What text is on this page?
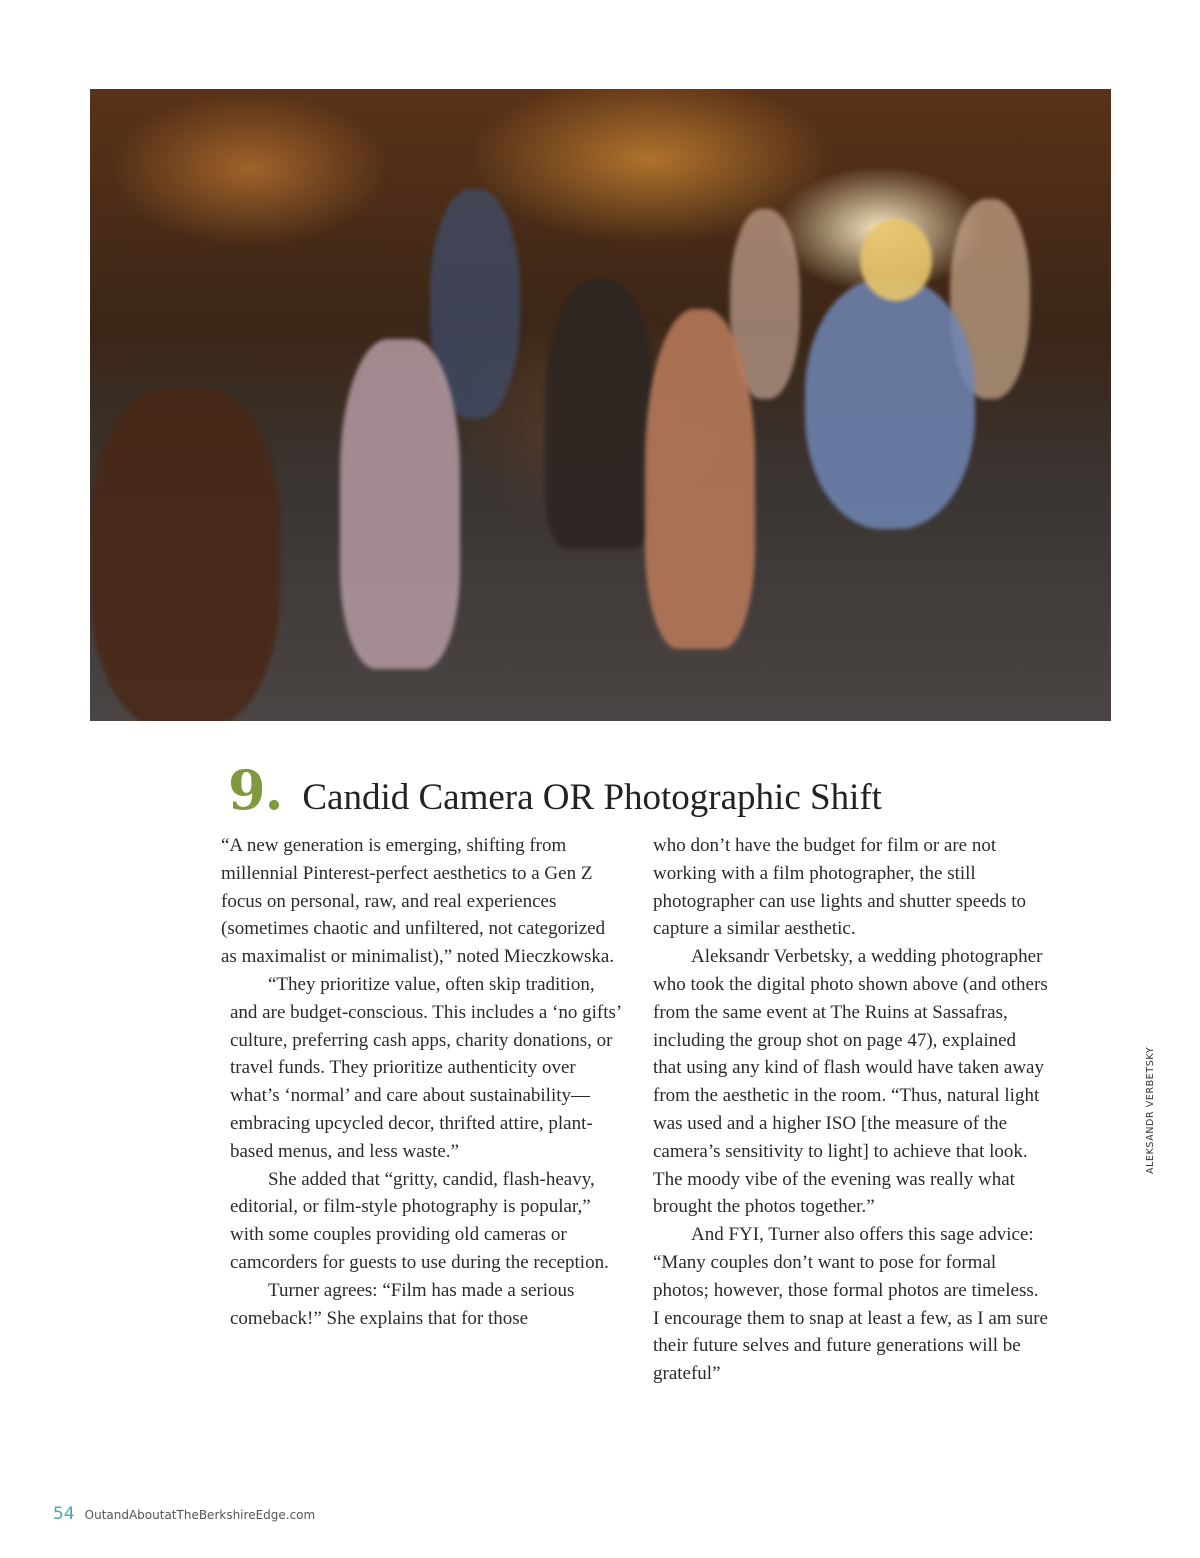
9. Candid Camera OR Photographic Shift

“A new generation is emerging, shifting from millennial Pinterest-perfect aesthetics to a Gen Z focus on personal, raw, and real experiences (sometimes chaotic and unfiltered, not categorized as maximalist or minimalist),” noted Mieczkowska.

“They prioritize value, often skip tradition, and are budget-conscious. This includes a ‘no gifts’ culture, preferring cash apps, charity donations, or travel funds. They prioritize authenticity over what’s ‘normal’ and care about sustainability—embracing upcycled decor, thrifted attire, plant-based menus, and less waste.”

She added that “gritty, candid, flash-heavy, editorial, or film-style photography is popular,” with some couples providing old cameras or camcorders for guests to use during the reception.

Turner agrees: “Film has made a serious comeback!” She explains that for those

who don’t have the budget for film or are not working with a film photographer, the still photographer can use lights and shutter speeds to capture a similar aesthetic.

Aleksandr Verbetsky, a wedding photographer who took the digital photo shown above (and others from the same event at The Ruins at Sassafras, including the group shot on page 47), explained that using any kind of flash would have taken away from the aesthetic in the room. “Thus, natural light was used and a higher ISO [the measure of the camera’s sensitivity to light] to achieve that look. The moody vibe of the evening was really what brought the photos together.”

And FYI, Turner also offers this sage advice: “Many couples don’t want to pose for formal photos; however, those formal photos are timeless. I encourage them to snap at least a few, as I am sure their future selves and future generations will be grateful”

ALEKSANDR VERBETSKY
54 OutandAboutatTheBerkshireEdge.com
